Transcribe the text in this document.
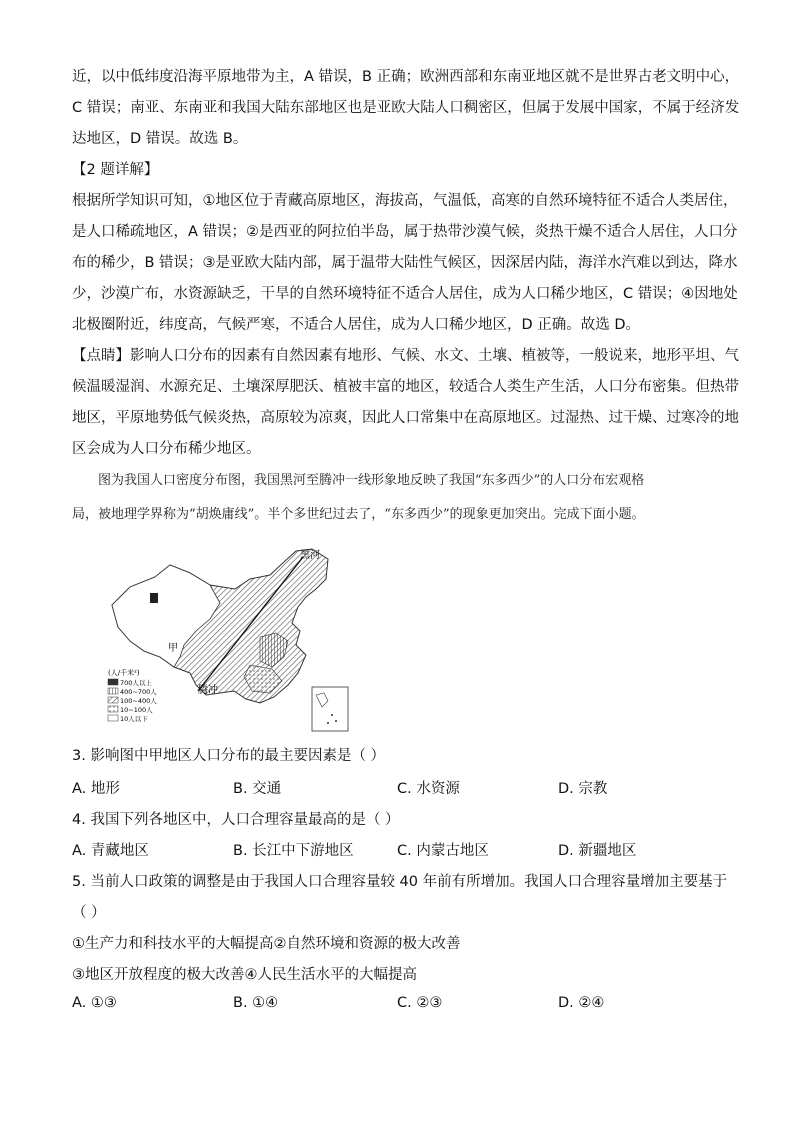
近，以中低纬度沿海平原地带为主，A 错误，B 正确；欧洲西部和东南亚地区就不是世界古老文明中心，
C 错误；南亚、东南亚和我国大陆东部地区也是亚欧大陆人口稠密区，但属于发展中国家，不属于经济发
达地区，D 错误。故选 B。
【2 题详解】
根据所学知识可知，①地区位于青藏高原地区，海拔高，气温低，高寒的自然环境特征不适合人类居住，
是人口稀疏地区，A 错误；②是西亚的阿拉伯半岛，属于热带沙漠气候，炎热干燥不适合人居住，人口分
布的稀少，B 错误；③是亚欧大陆内部，属于温带大陆性气候区，因深居内陆，海洋水汽难以到达，降水
少，沙漠广布，水资源缺乏，干旱的自然环境特征不适合人居住，成为人口稀少地区，C 错误；④因地处
北极圈附近，纬度高，气候严寒，不适合人居住，成为人口稀少地区，D 正确。故选 D。
【点睛】影响人口分布的因素有自然因素有地形、气候、水文、土壤、植被等，一般说来，地形平坦、气
候温暖湿润、水源充足、土壤深厚肥沃、植被丰富的地区，较适合人类生产生活，人口分布密集。但热带
地区，平原地势低气候炎热，高原较为凉爽，因此人口常集中在高原地区。过湿热、过干燥、过寒冷的地
区会成为人口分布稀少地区。
图为我国人口密度分布图，我国黑河至腾冲一线形象地反映了我国“东多西少”的人口分布宏观格
局，被地理学界称为“胡焕庸线”。半个多世纪过去了，“东多西少”的现象更加突出。完成下面小题。
黑河
腾冲
甲
(人/千米²)
700人以上
400~700人
100~400人
10~100人
10人以下
3. 影响图中甲地区人口分布的最主要因素是（ ）
A. 地形	B. 交通	C. 水资源	D. 宗教
4. 我国下列各地区中，人口合理容量最高的是（ ）
A. 青藏地区	B. 长江中下游地区	C. 内蒙古地区	D. 新疆地区
5. 当前人口政策的调整是由于我国人口合理容量较 40 年前有所增加。我国人口合理容量增加主要基于
（ ）
①生产力和科技水平的大幅提高②自然环境和资源的极大改善
③地区开放程度的极大改善④人民生活水平的大幅提高
A. ①③	B. ①④	C. ②③	D. ②④
